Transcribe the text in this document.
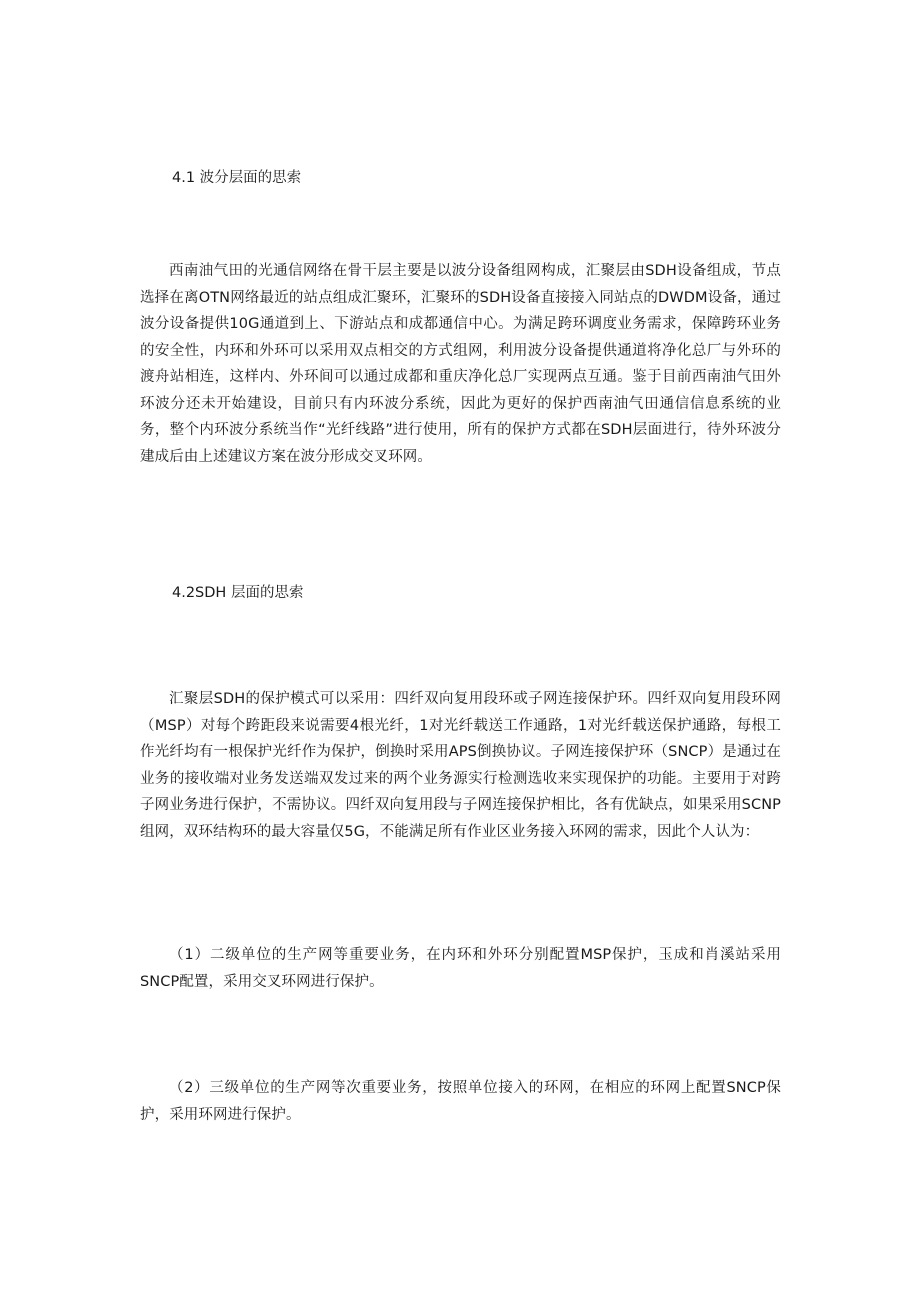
4.1 波分层面的思索

西南油气田的光通信网络在骨干层主要是以波分设备组网构成，汇聚层由SDH设备组成，节点选择在离OTN网络最近的站点组成汇聚环，汇聚环的SDH设备直接接入同站点的DWDM设备，通过波分设备提供10G通道到上、下游站点和成都通信中心。为满足跨环调度业务需求，保障跨环业务的安全性，内环和外环可以采用双点相交的方式组网，利用波分设备提供通道将净化总厂与外环的渡舟站相连，这样内、外环间可以通过成都和重庆净化总厂实现两点互通。鉴于目前西南油气田外环波分还未开始建设，目前只有内环波分系统，因此为更好的保护西南油气田通信信息系统的业务，整个内环波分系统当作“光纤线路”进行使用，所有的保护方式都在SDH层面进行，待外环波分建成后由上述建议方案在波分形成交叉环网。

4.2SDH 层面的思索

汇聚层SDH的保护模式可以采用：四纤双向复用段环或子网连接保护环。四纤双向复用段环网（MSP）对每个跨距段来说需要4根光纤，1对光纤载送工作通路，1对光纤载送保护通路，每根工作光纤均有一根保护光纤作为保护，倒换时采用APS倒换协议。子网连接保护环（SNCP）是通过在业务的接收端对业务发送端双发过来的两个业务源实行检测选收来实现保护的功能。主要用于对跨子网业务进行保护，不需协议。四纤双向复用段与子网连接保护相比，各有优缺点，如果采用SCNP组网，双环结构环的最大容量仅5G，不能满足所有作业区业务接入环网的需求，因此个人认为：

（1）二级单位的生产网等重要业务，在内环和外环分别配置MSP保护，玉成和肖溪站采用SNCP配置，采用交叉环网进行保护。

（2）三级单位的生产网等次重要业务，按照单位接入的环网，在相应的环网上配置SNCP保护，采用环网进行保护。
